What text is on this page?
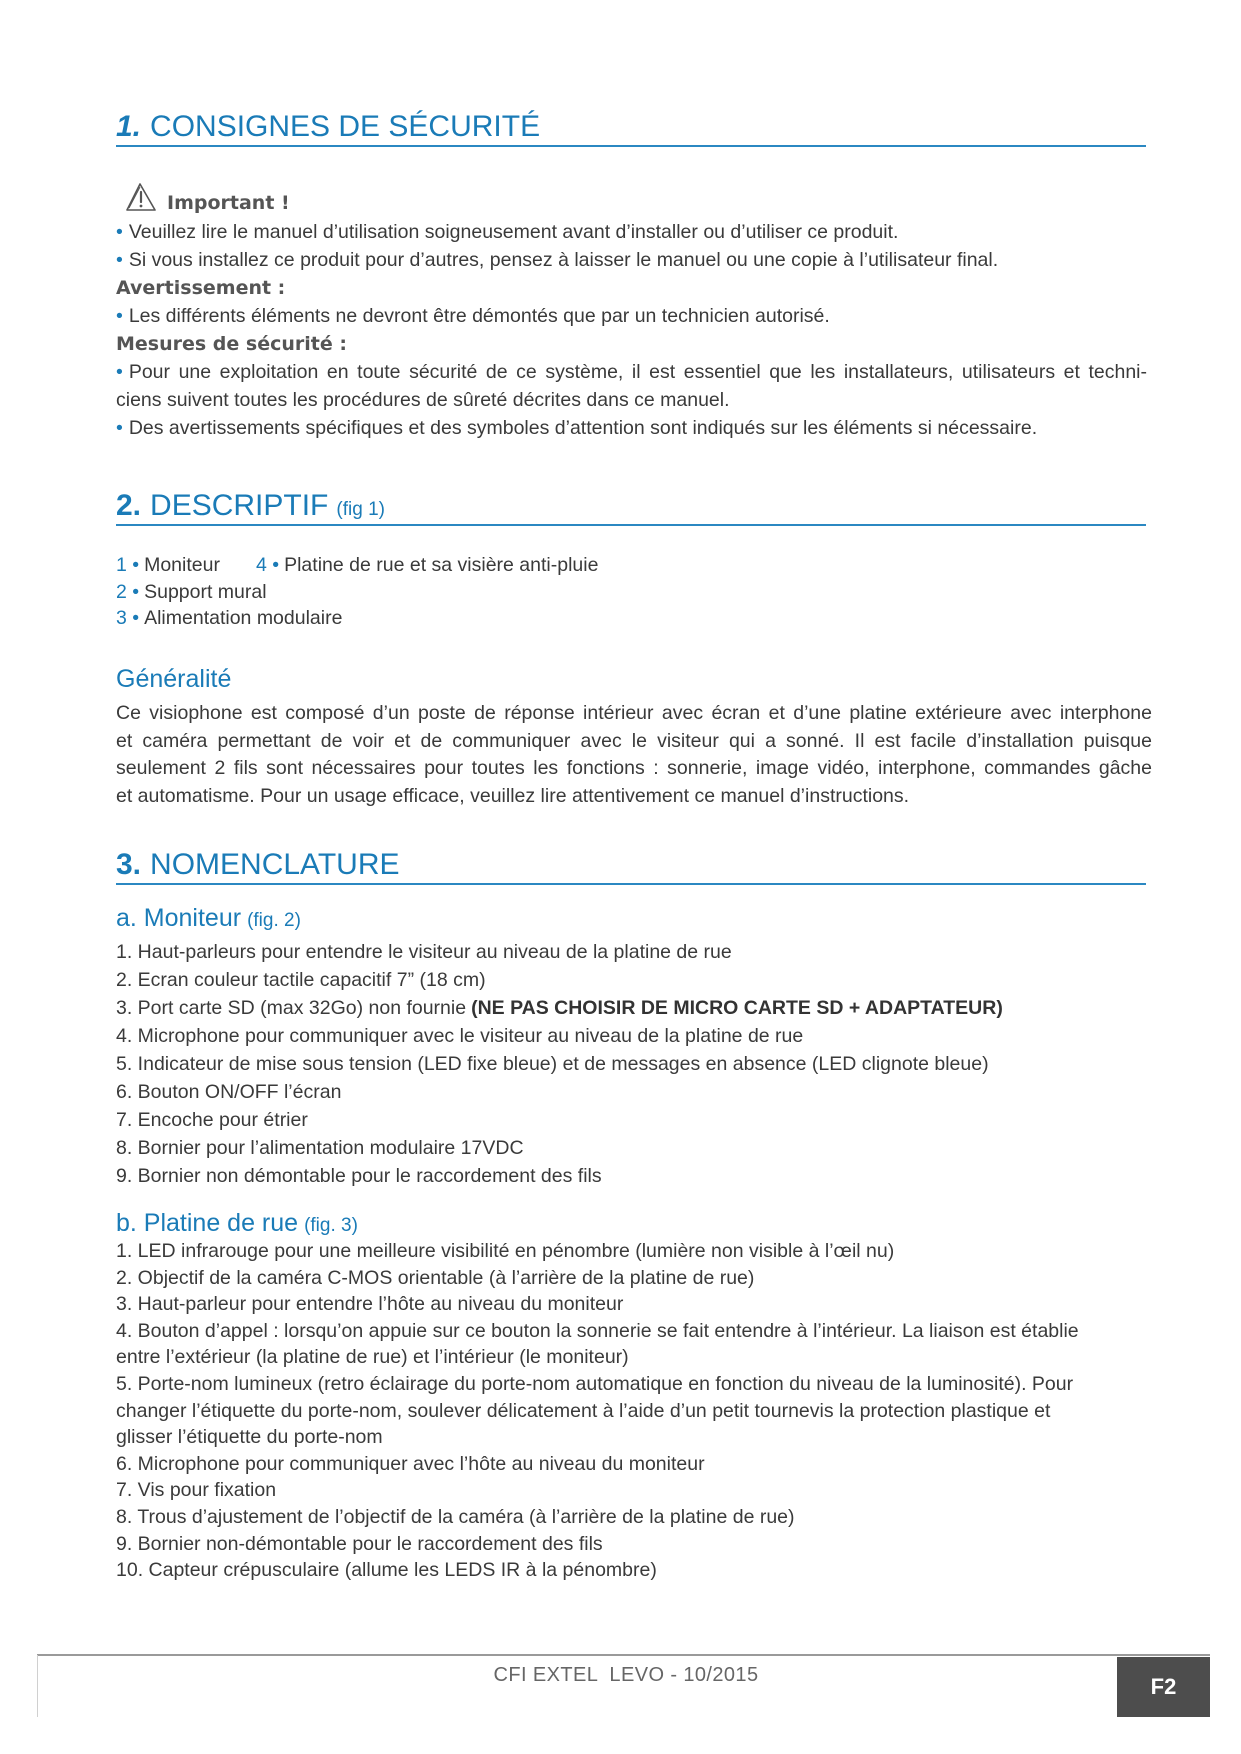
1. CONSIGNES DE SÉCURITÉ
Important !
• Veuillez lire le manuel d’utilisation soigneusement avant d’installer ou d’utiliser ce produit.
• Si vous installez ce produit pour d’autres, pensez à laisser le manuel ou une copie à l’utilisateur final.
Avertissement :
• Les différents éléments ne devront être démontés que par un technicien autorisé.
Mesures de sécurité :
• Pour une exploitation en toute sécurité de ce système, il est essentiel que les installateurs, utilisateurs et techni-
ciens suivent toutes les procédures de sûreté décrites dans ce manuel.
• Des avertissements spécifiques et des symboles d’attention sont indiqués sur les éléments si nécessaire.
2. DESCRIPTIF (fig 1)
1 • Moniteur	4 • Platine de rue et sa visière anti-pluie
2 • Support mural
3 • Alimentation modulaire
Généralité
Ce visiophone est composé d’un poste de réponse intérieur avec écran et d’une platine extérieure avec interphone
et caméra permettant de voir et de communiquer avec le visiteur qui a sonné. Il est facile d’installation puisque
seulement 2 fils sont nécessaires pour toutes les fonctions : sonnerie, image vidéo, interphone, commandes gâche
et automatisme. Pour un usage efficace, veuillez lire attentivement ce manuel d’instructions.
3. NOMENCLATURE
a. Moniteur (fig. 2)
1. Haut-parleurs pour entendre le visiteur au niveau de la platine de rue
2. Ecran couleur tactile capacitif 7” (18 cm)
3. Port carte SD (max 32Go) non fournie (NE PAS CHOISIR DE MICRO CARTE SD + ADAPTATEUR)
4. Microphone pour communiquer avec le visiteur au niveau de la platine de rue
5. Indicateur de mise sous tension (LED fixe bleue) et de messages en absence (LED clignote bleue)
6. Bouton ON/OFF l’écran
7. Encoche pour étrier
8. Bornier pour l’alimentation modulaire 17VDC
9. Bornier non démontable pour le raccordement des fils
b. Platine de rue (fig. 3)
1. LED infrarouge pour une meilleure visibilité en pénombre (lumière non visible à l’œil nu)
2. Objectif de la caméra C-MOS orientable (à l’arrière de la platine de rue)
3. Haut-parleur pour entendre l’hôte au niveau du moniteur
4. Bouton d’appel : lorsqu’on appuie sur ce bouton la sonnerie se fait entendre à l’intérieur. La liaison est établie
entre l’extérieur (la platine de rue) et l’intérieur (le moniteur)
5. Porte-nom lumineux (retro éclairage du porte-nom automatique en fonction du niveau de la luminosité). Pour
changer l’étiquette du porte-nom, soulever délicatement à l’aide d’un petit tournevis la protection plastique et
glisser l’étiquette du porte-nom
6. Microphone pour communiquer avec l’hôte au niveau du moniteur
7. Vis pour fixation
8. Trous d’ajustement de l’objectif de la caméra (à l’arrière de la platine de rue)
9. Bornier non-démontable pour le raccordement des fils
10. Capteur crépusculaire (allume les LEDS IR à la pénombre)
CFI EXTEL  LEVO - 10/2015	F2
